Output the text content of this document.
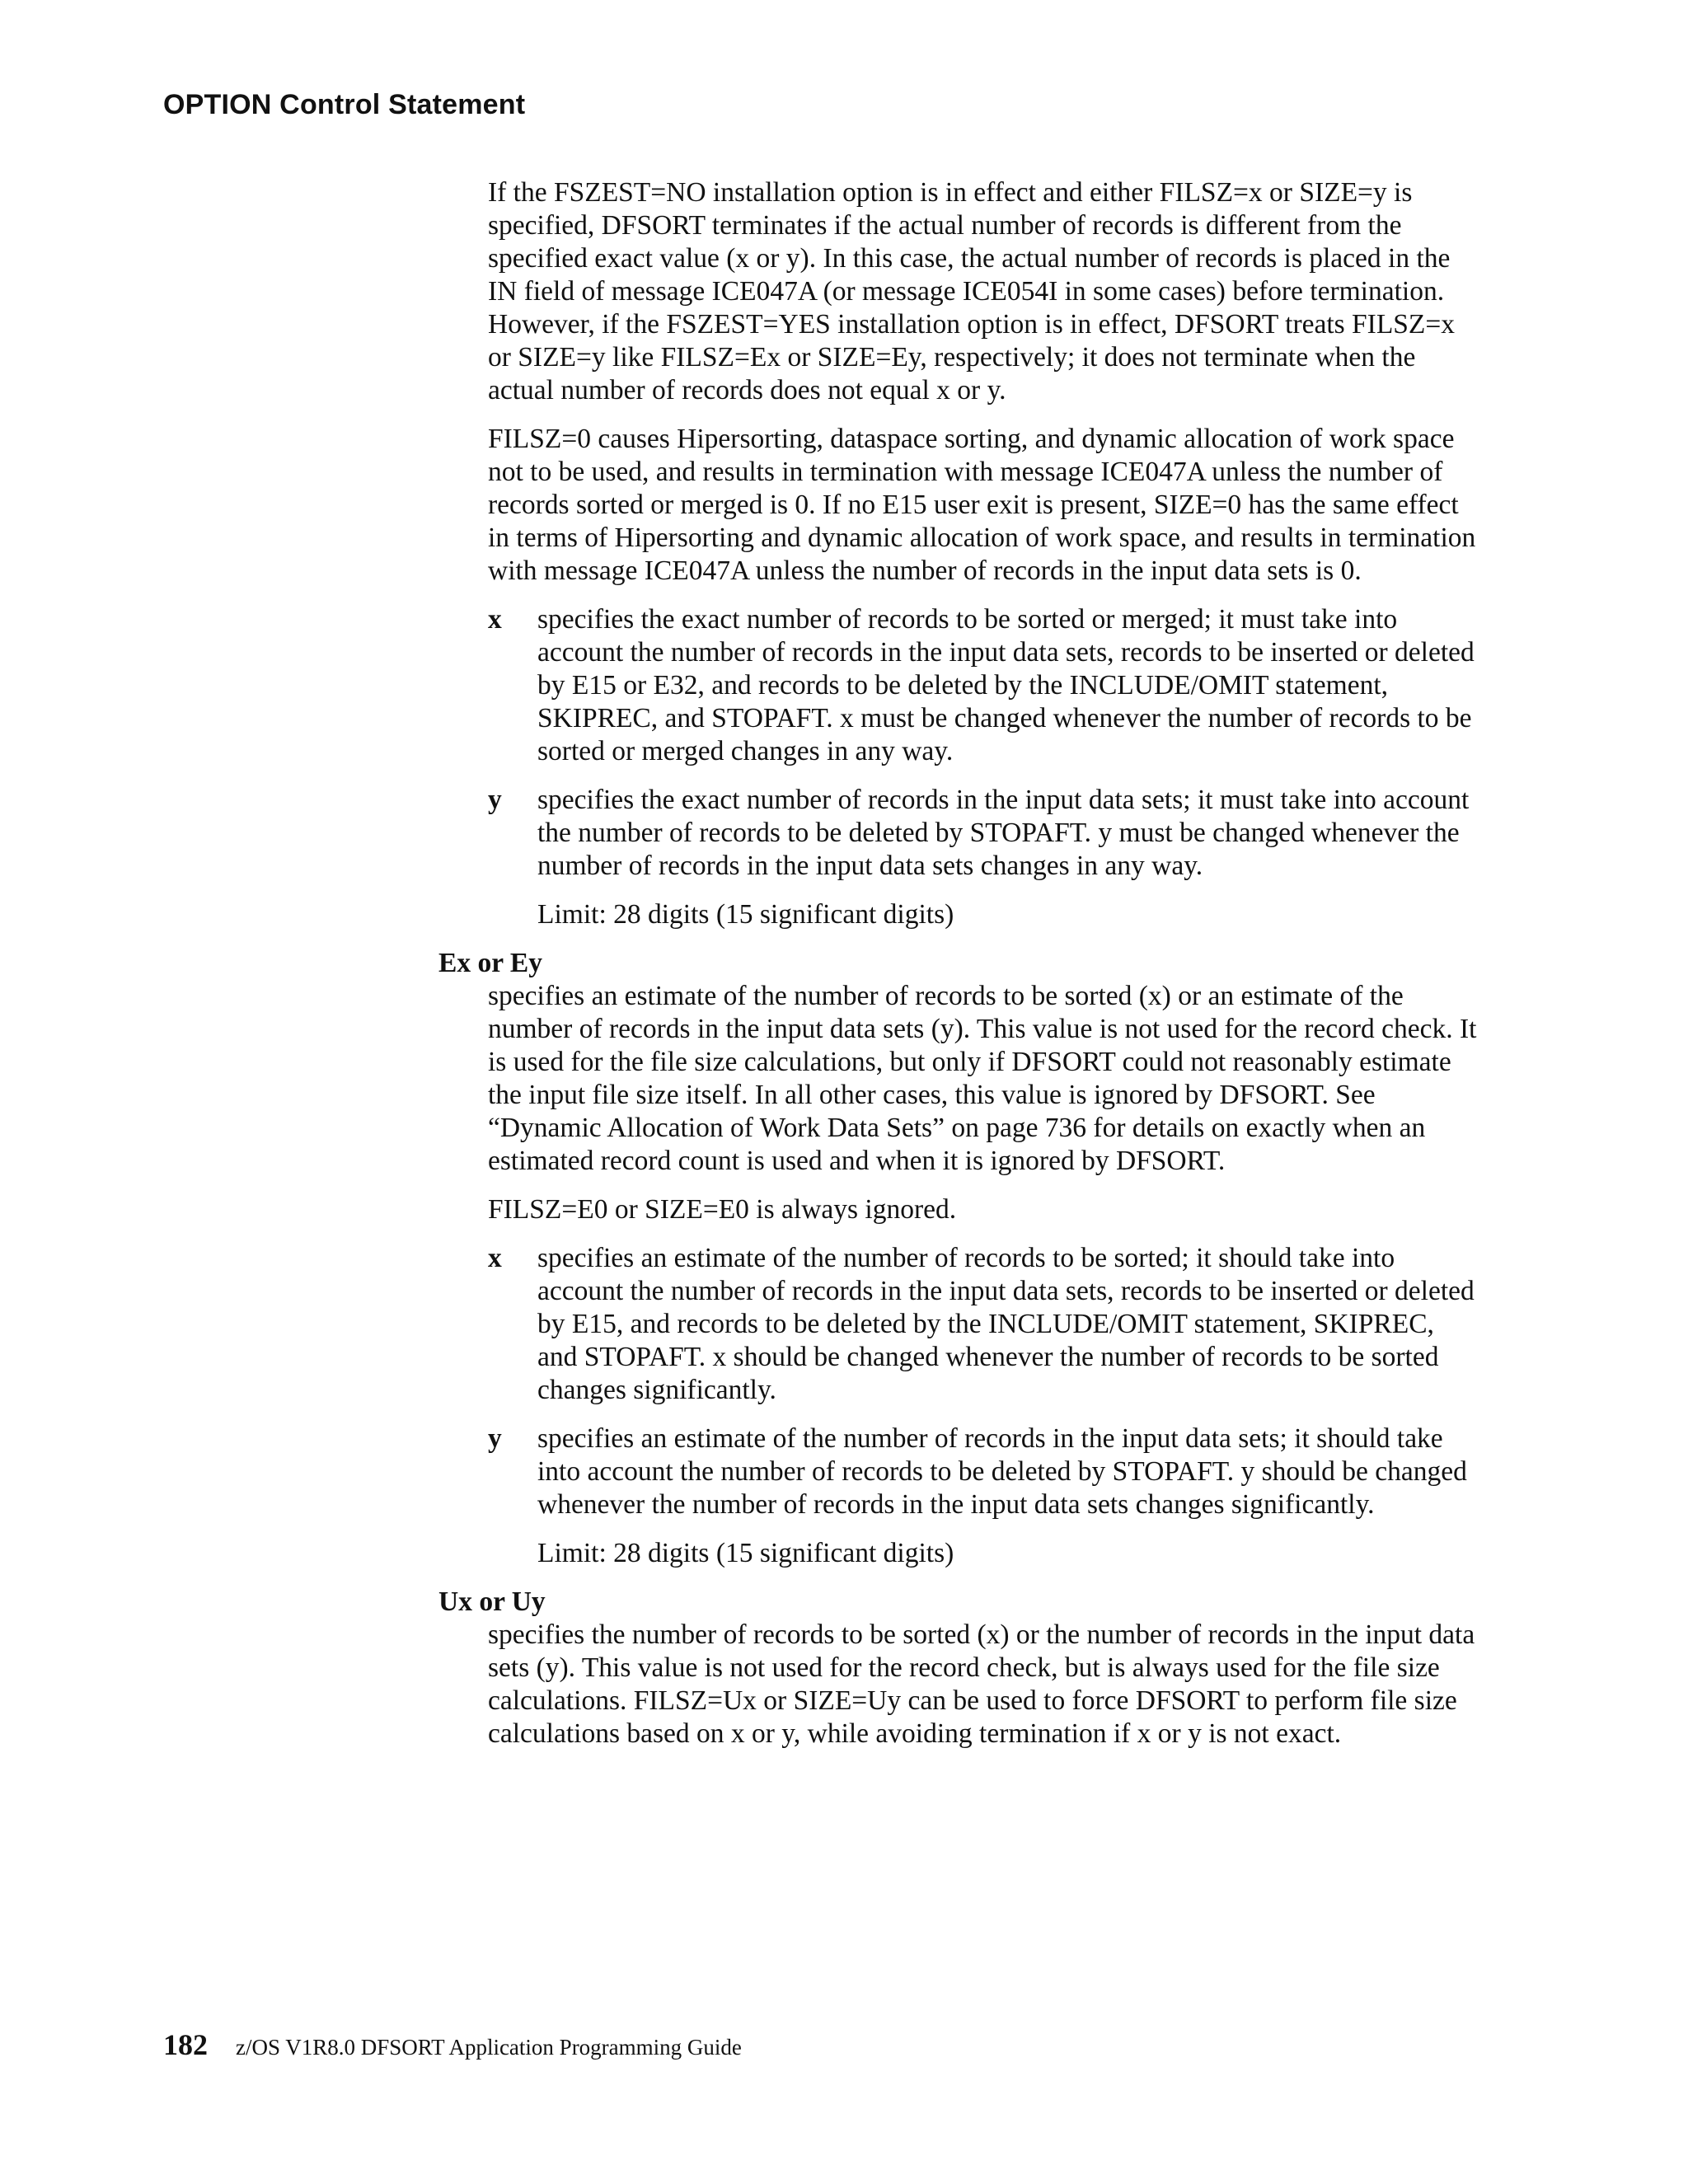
OPTION Control Statement

If the FSZEST=NO installation option is in effect and either FILSZ=x or SIZE=y is specified, DFSORT terminates if the actual number of records is different from the specified exact value (x or y). In this case, the actual number of records is placed in the IN field of message ICE047A (or message ICE054I in some cases) before termination. However, if the FSZEST=YES installation option is in effect, DFSORT treats FILSZ=x or SIZE=y like FILSZ=Ex or SIZE=Ey, respectively; it does not terminate when the actual number of records does not equal x or y.

FILSZ=0 causes Hipersorting, dataspace sorting, and dynamic allocation of work space not to be used, and results in termination with message ICE047A unless the number of records sorted or merged is 0. If no E15 user exit is present, SIZE=0 has the same effect in terms of Hipersorting and dynamic allocation of work space, and results in termination with message ICE047A unless the number of records in the input data sets is 0.

x	specifies the exact number of records to be sorted or merged; it must take into account the number of records in the input data sets, records to be inserted or deleted by E15 or E32, and records to be deleted by the INCLUDE/OMIT statement, SKIPREC, and STOPAFT. x must be changed whenever the number of records to be sorted or merged changes in any way.
y	specifies the exact number of records in the input data sets; it must take into account the number of records to be deleted by STOPAFT. y must be changed whenever the number of records in the input data sets changes in any way.

Limit: 28 digits (15 significant digits)

Ex or Ey

specifies an estimate of the number of records to be sorted (x) or an estimate of the number of records in the input data sets (y). This value is not used for the record check. It is used for the file size calculations, but only if DFSORT could not reasonably estimate the input file size itself. In all other cases, this value is ignored by DFSORT. See “Dynamic Allocation of Work Data Sets” on page 736 for details on exactly when an estimated record count is used and when it is ignored by DFSORT.

FILSZ=E0 or SIZE=E0 is always ignored.

x	specifies an estimate of the number of records to be sorted; it should take into account the number of records in the input data sets, records to be inserted or deleted by E15, and records to be deleted by the INCLUDE/OMIT statement, SKIPREC, and STOPAFT. x should be changed whenever the number of records to be sorted changes significantly.
y	specifies an estimate of the number of records in the input data sets; it should take into account the number of records to be deleted by STOPAFT. y should be changed whenever the number of records in the input data sets changes significantly.

Limit: 28 digits (15 significant digits)

Ux or Uy

specifies the number of records to be sorted (x) or the number of records in the input data sets (y). This value is not used for the record check, but is always used for the file size calculations. FILSZ=Ux or SIZE=Uy can be used to force DFSORT to perform file size calculations based on x or y, while avoiding termination if x or y is not exact.

182 z/OS V1R8.0 DFSORT Application Programming Guide
